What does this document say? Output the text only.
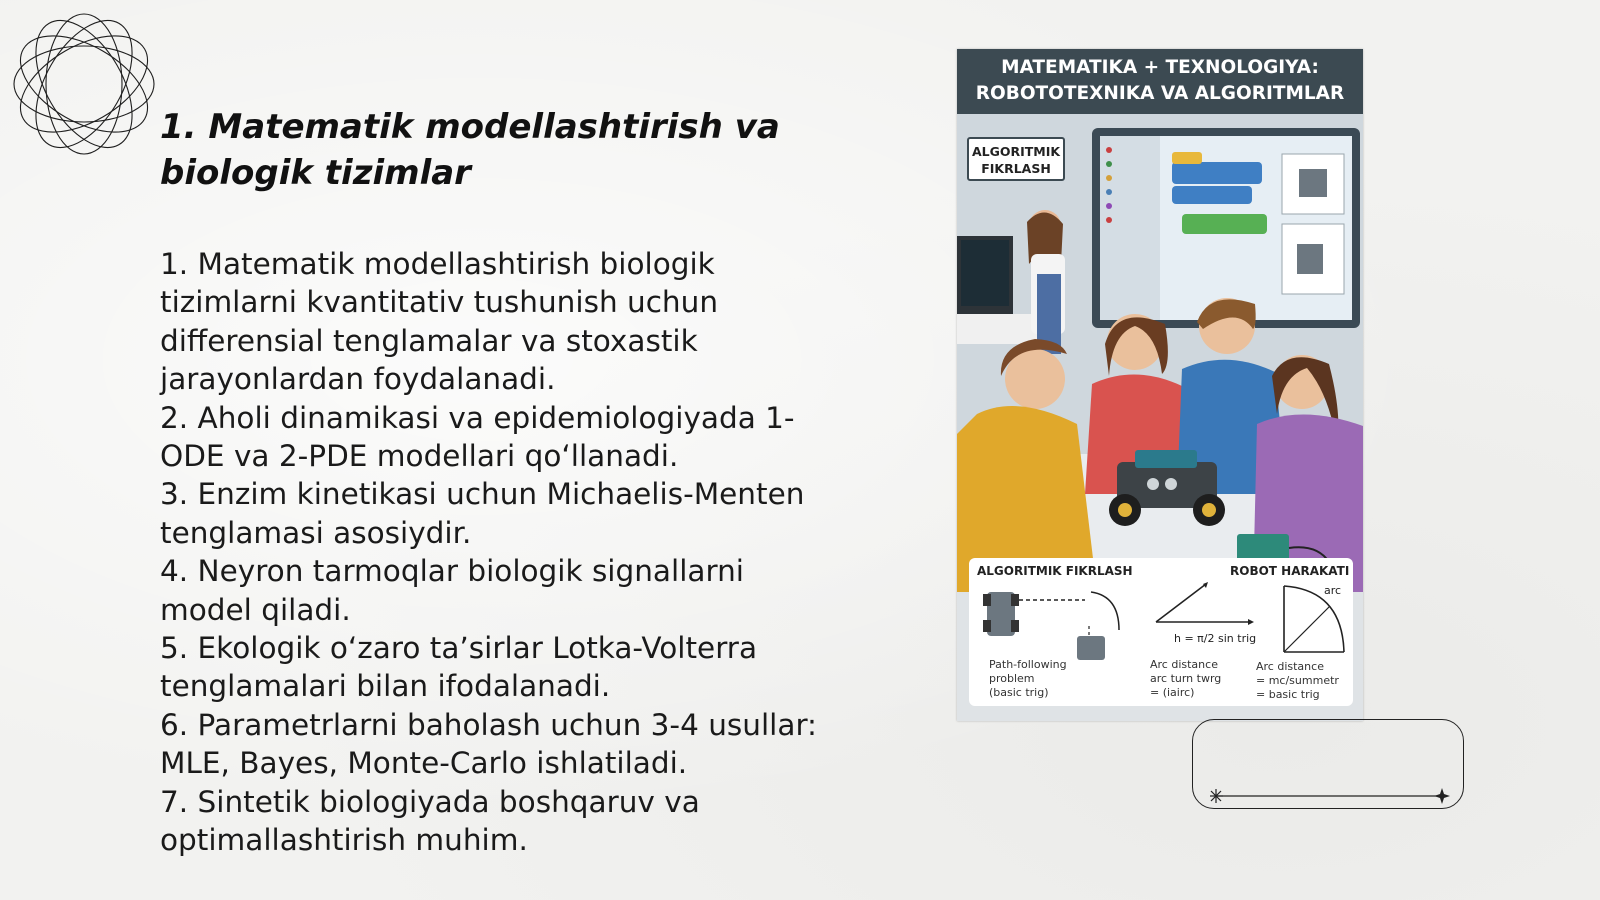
1. Matematik modellashtirish va
biologik tizimlar
1. Matematik modellashtirish biologik
tizimlarni kvantitativ tushunish uchun
differensial tenglamalar va stoxastik
jarayonlardan foydalanadi.
2. Aholi dinamikasi va epidemiologiyada 1-
ODE va 2-PDE modellari qo‘llanadi.
3. Enzim kinetikasi uchun Michaelis-Menten
tenglamasi asosiydir.
4. Neyron tarmoqlar biologik signallarni
model qiladi.
5. Ekologik o‘zaro ta’sirlar Lotka-Volterra
tenglamalari bilan ifodalanadi.
6. Parametrlarni baholash uchun 3-4 usullar:
MLE, Bayes, Monte-Carlo ishlatiladi.
7. Sintetik biologiyada boshqaruv va
optimallashtirish muhim.
MATEMATIKA + TEXNOLOGIYA:
ROBOTOTEXNIKA VA ALGORITMLAR
ALGORITMIK
FIKRLASH
ALGORITMIK FIKRLASH
Path-following
problem
(basic trig)
ROBOT HARAKATI
h = π/2 sin trig
arc
Arc distance
arc turn twrg
= (iairc)
Arc distance
= mc/summetr
= basic trig
